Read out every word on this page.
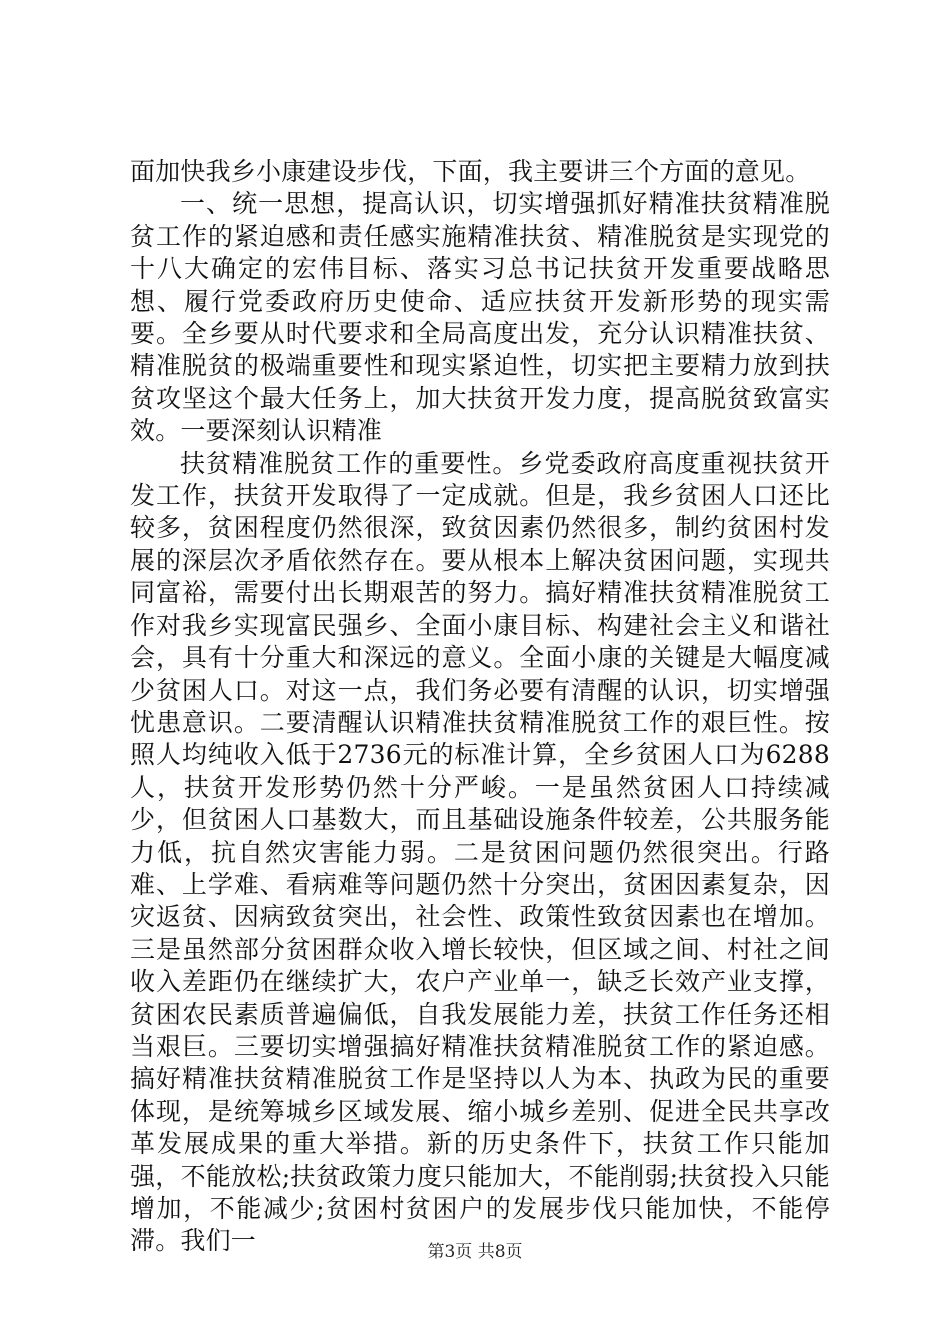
面加快我乡小康建设步伐，下面，我主要讲三个方面的意见。

一、统一思想，提高认识，切实增强抓好精准扶贫精准脱贫工作的紧迫感和责任感实施精准扶贫、精准脱贫是实现党的十八大确定的宏伟目标、落实习总书记扶贫开发重要战略思想、履行党委政府历史使命、适应扶贫开发新形势的现实需要。全乡要从时代要求和全局高度出发，充分认识精准扶贫、精准脱贫的极端重要性和现实紧迫性，切实把主要精力放到扶贫攻坚这个最大任务上，加大扶贫开发力度，提高脱贫致富实效。一要深刻认识精准

扶贫精准脱贫工作的重要性。乡党委政府高度重视扶贫开发工作，扶贫开发取得了一定成就。但是，我乡贫困人口还比较多，贫困程度仍然很深，致贫因素仍然很多，制约贫困村发展的深层次矛盾依然存在。要从根本上解决贫困问题，实现共同富裕，需要付出长期艰苦的努力。搞好精准扶贫精准脱贫工作对我乡实现富民强乡、全面小康目标、构建社会主义和谐社会，具有十分重大和深远的意义。全面小康的关键是大幅度减少贫困人口。对这一点，我们务必要有清醒的认识，切实增强忧患意识。二要清醒认识精准扶贫精准脱贫工作的艰巨性。按照人均纯收入低于2736元的标准计算，全乡贫困人口为6288人，扶贫开发形势仍然十分严峻。一是虽然贫困人口持续减少，但贫困人口基数大，而且基础设施条件较差，公共服务能力低，抗自然灾害能力弱。二是贫困问题仍然很突出。行路难、上学难、看病难等问题仍然十分突出，贫困因素复杂，因灾返贫、因病致贫突出，社会性、政策性致贫因素也在增加。三是虽然部分贫困群众收入增长较快，但区域之间、村社之间收入差距仍在继续扩大，农户产业单一，缺乏长效产业支撑，贫困农民素质普遍偏低，自我发展能力差，扶贫工作任务还相当艰巨。三要切实增强搞好精准扶贫精准脱贫工作的紧迫感。搞好精准扶贫精准脱贫工作是坚持以人为本、执政为民的重要体现，是统筹城乡区域发展、缩小城乡差别、促进全民共享改革发展成果的重大举措。新的历史条件下，扶贫工作只能加强，不能放松;扶贫政策力度只能加大，不能削弱;扶贫投入只能增加，不能减少;贫困村贫困户的发展步伐只能加快，不能停滞。我们一	第3页 共8页
